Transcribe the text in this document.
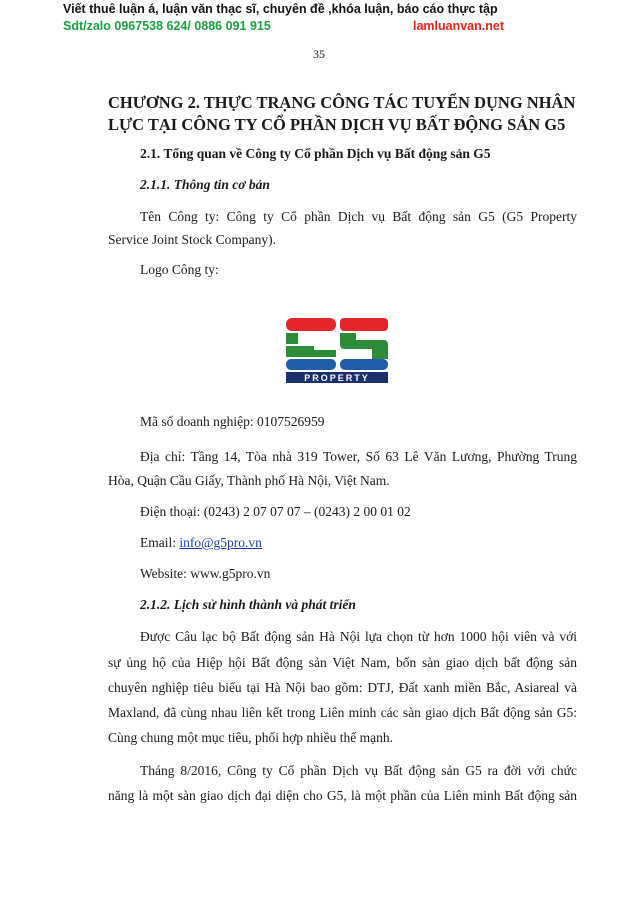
Viết thuê luận á, luận văn thạc sĩ, chuyên đề ,khóa luận, báo cáo thực tập
Sdt/zalo 0967538 624/ 0886 091 915	lamluanvan.net
35
CHƯƠNG 2. THỰC TRẠNG CÔNG TÁC TUYỂN DỤNG NHÂN
LỰC TẠI CÔNG TY CỔ PHẦN DỊCH VỤ BẤT ĐỘNG SẢN G5
2.1. Tổng quan về Công ty Cổ phần Dịch vụ Bất động sản G5
2.1.1. Thông tin cơ bản
Tên Công ty: Công ty Cổ phần Dịch vụ Bất động sản G5 (G5 Property
Service Joint Stock Company).
Logo Công ty:
PROPERTY
Mã số doanh nghiệp: 0107526959
Địa chỉ: Tầng 14, Tòa nhà 319 Tower, Số 63 Lê Văn Lương, Phường Trung
Hòa, Quận Cầu Giấy, Thành phố Hà Nội, Việt Nam.
Điện thoại: (0243) 2 07 07 07 – (0243) 2 00 01 02
Email: info@g5pro.vn
Website: www.g5pro.vn
2.1.2. Lịch sử hình thành và phát triển
Được Câu lạc bộ Bất động sản Hà Nội lựa chọn từ hơn 1000 hội viên và với
sự ủng hộ của Hiệp hội Bất động sản Việt Nam, bốn sàn giao dịch bất động sản
chuyên nghiệp tiêu biểu tại Hà Nội bao gồm: DTJ, Đất xanh miền Bắc, Asiareal và
Maxland, đã cùng nhau liên kết trong Liên minh các sàn giao dịch Bất động sản G5:
Cùng chung một mục tiêu, phối hợp nhiều thế mạnh.
Tháng 8/2016, Công ty Cổ phần Dịch vụ Bất động sản G5 ra đời với chức
năng là một sàn giao dịch đại diện cho G5, là một phần của Liên minh Bất động sản
